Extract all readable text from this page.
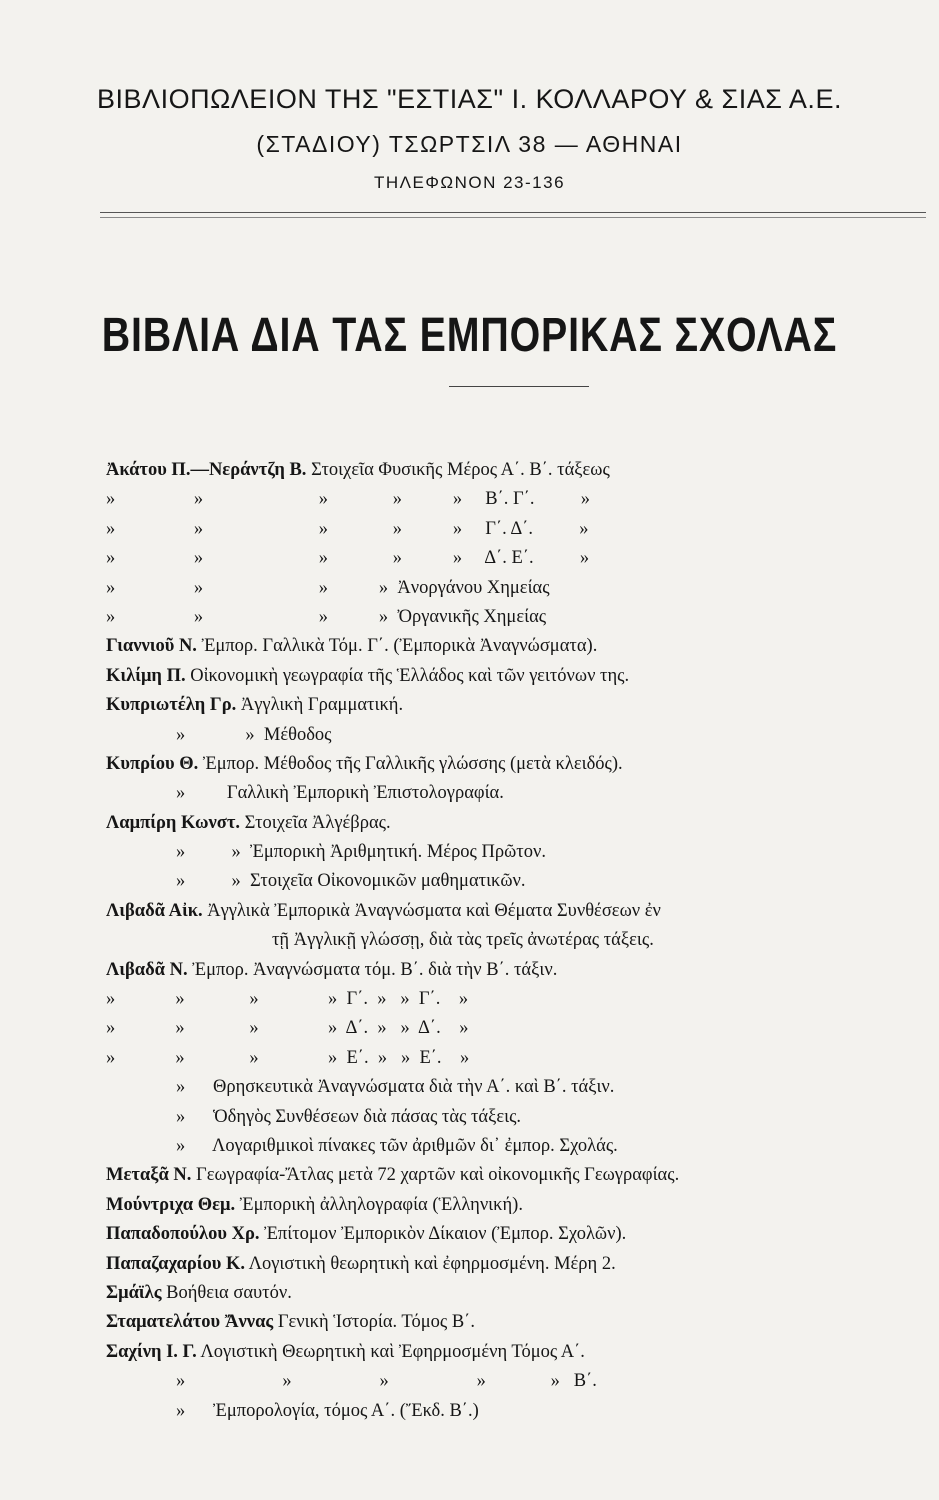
ΒΙΒΛΙΟΠΩΛΕΙΟΝ ΤΗΣ "ΕΣΤΙΑΣ" Ι. ΚΟΛΛΑΡΟΥ & ΣΙΑΣ Α.Ε.
(ΣΤΑΔΙΟΥ) ΤΣΩΡΤΣΙΛ 38 — ΑΘΗΝΑΙ
ΤΗΛΕΦΩΝΟΝ 23-136
ΒΙΒΛΙΑ ΔΙΑ ΤΑΣ ΕΜΠΟΡΙΚΑΣ ΣΧΟΛΑΣ
Ἀκάτου Π.—Νεράντζη Β. Στοιχεῖα Φυσικῆς Μέρος Α΄. Β΄. τάξεως
»                 »                         »              »           »     Β΄. Γ΄.          »
»                 »                         »              »           »     Γ΄. Δ΄.          »
»                 »                         »              »           »     Δ΄. Ε΄.          »
»                 »                         »           »  Ἀνοργάνου Χημείας
»                 »                         »           »  Ὀργανικῆς Χημείας
Γιαννιοῦ Ν. Ἐμπορ. Γαλλικὰ Τόμ. Γ΄. (Ἐμπορικὰ Ἀναγνώσματα).
Κιλίμη Π. Οἰκονομικὴ γεωγραφία τῆς Ἑλλάδος καὶ τῶν γειτόνων της.
Κυπριωτέλη Γρ. Ἀγγλικὴ Γραμματική.
»             »  Μέθοδος
Κυπρίου Θ. Ἐμπορ. Μέθοδος τῆς Γαλλικῆς γλώσσης (μετὰ κλειδός).
»         Γαλλικὴ Ἐμπορικὴ Ἐπιστολογραφία.
Λαμπίρη Κωνστ. Στοιχεῖα Ἀλγέβρας.
»          »  Ἐμπορικὴ Ἀριθμητική. Μέρος Πρῶτον.
»          »  Στοιχεῖα Οἰκονομικῶν μαθηματικῶν.
Λιβαδᾶ Αἰκ. Ἀγγλικὰ Ἐμπορικὰ Ἀναγνώσματα καὶ Θέματα Συνθέσεων ἐν
τῇ Ἀγγλικῇ γλώσσῃ, διὰ τὰς τρεῖς ἀνωτέρας τάξεις.
Λιβαδᾶ Ν. Ἐμπορ. Ἀναγνώσματα τόμ. Β΄. διὰ τὴν Β΄. τάξιν.
»             »              »               »  Γ΄.  »   »  Γ΄.    »
»             »              »               »  Δ΄.  »   »  Δ΄.    »
»             »              »               »  Ε΄.  »   »  Ε΄.    »
»      Θρησκευτικὰ Ἀναγνώσματα διὰ τὴν Α΄. καὶ Β΄. τάξιν.
»      Ὁδηγὸς Συνθέσεων διὰ πάσας τὰς τάξεις.
»      Λογαριθμικοὶ πίνακες τῶν ἀριθμῶν δι᾿ ἐμπορ. Σχολάς.
Μεταξᾶ Ν. Γεωγραφία-Ἄτλας μετὰ 72 χαρτῶν καὶ οἰκονομικῆς Γεωγραφίας.
Μούντριχα Θεμ. Ἐμπορικὴ ἀλληλογραφία (Ἑλληνική).
Παπαδοπούλου Χρ. Ἐπίτομον Ἐμπορικὸν Δίκαιον (Ἐμπορ. Σχολῶν).
Παπαζαχαρίου Κ. Λογιστικὴ θεωρητικὴ καὶ ἐφηρμοσμένη. Μέρη 2.
Σμάϊλς Βοήθεια σαυτόν.
Σταματελάτου Ἄννας Γενικὴ Ἱστορία. Τόμος Β΄.
Σαχίνη Ι. Γ. Λογιστικὴ Θεωρητικὴ καὶ Ἐφηρμοσμένη Τόμος Α΄.
»                     »                   »                   »              »   Β΄.
»      Ἐμπορολογία, τόμος Α΄. (Ἔκδ. Β΄.)
